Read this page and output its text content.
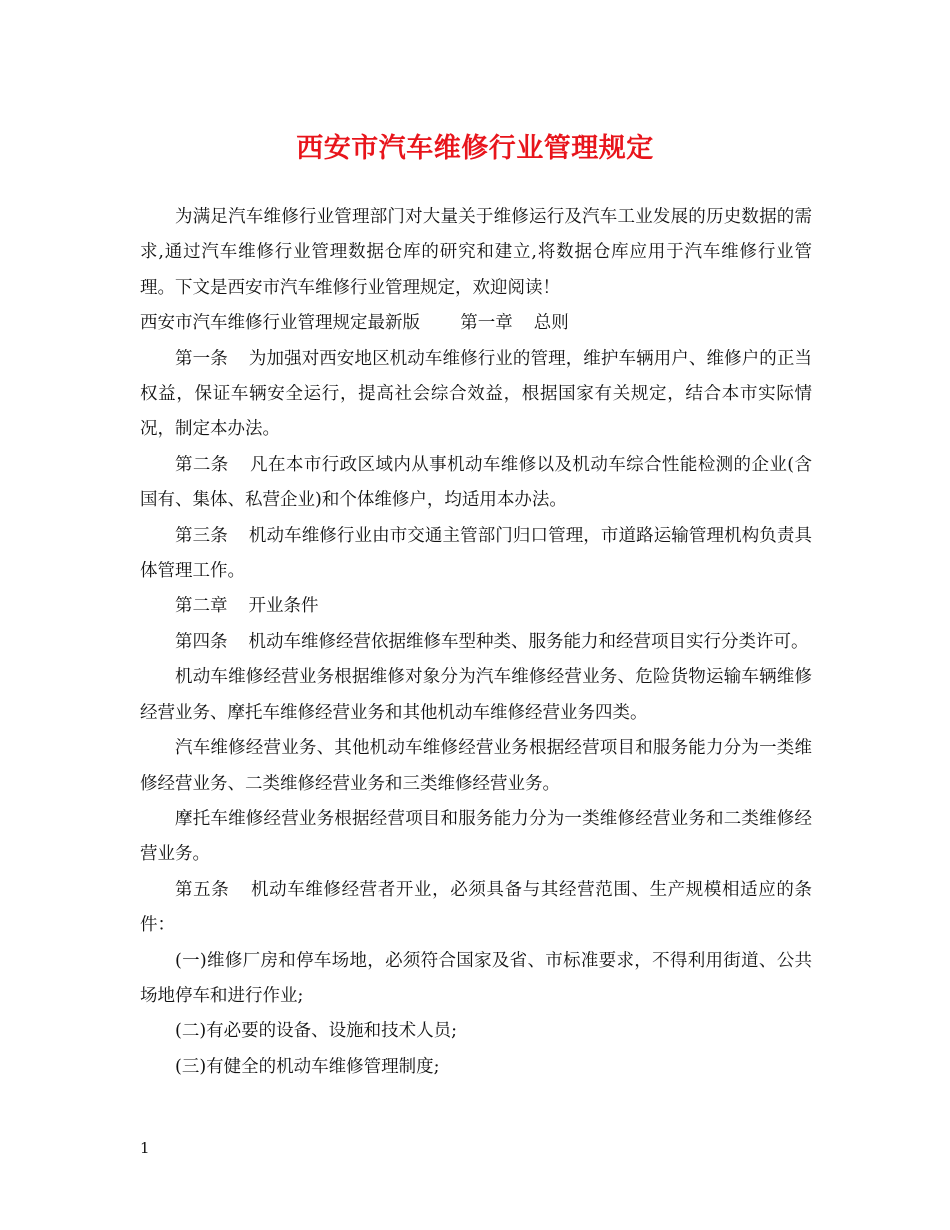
西安市汽车维修行业管理规定

为满足汽车维修行业管理部门对大量关于维修运行及汽车工业发展的历史数据的需求,通过汽车维修行业管理数据仓库的研究和建立,将数据仓库应用于汽车维修行业管理。下文是西安市汽车维修行业管理规定，欢迎阅读！

西安市汽车维修行业管理规定最新版 第一章 总则

第一条 为加强对西安地区机动车维修行业的管理，维护车辆用户、维修户的正当权益，保证车辆安全运行，提高社会综合效益，根据国家有关规定，结合本市实际情况，制定本办法。

第二条 凡在本市行政区域内从事机动车维修以及机动车综合性能检测的企业(含国有、集体、私营企业)和个体维修户，均适用本办法。

第三条 机动车维修行业由市交通主管部门归口管理，市道路运输管理机构负责具体管理工作。

第二章 开业条件

第四条 机动车维修经营依据维修车型种类、服务能力和经营项目实行分类许可。

机动车维修经营业务根据维修对象分为汽车维修经营业务、危险货物运输车辆维修经营业务、摩托车维修经营业务和其他机动车维修经营业务四类。

汽车维修经营业务、其他机动车维修经营业务根据经营项目和服务能力分为一类维修经营业务、二类维修经营业务和三类维修经营业务。

摩托车维修经营业务根据经营项目和服务能力分为一类维修经营业务和二类维修经营业务。

第五条 机动车维修经营者开业，必须具备与其经营范围、生产规模相适应的条件：

(一)维修厂房和停车场地，必须符合国家及省、市标准要求，不得利用街道、公共场地停车和进行作业;

(二)有必要的设备、设施和技术人员;

(三)有健全的机动车维修管理制度;

1
